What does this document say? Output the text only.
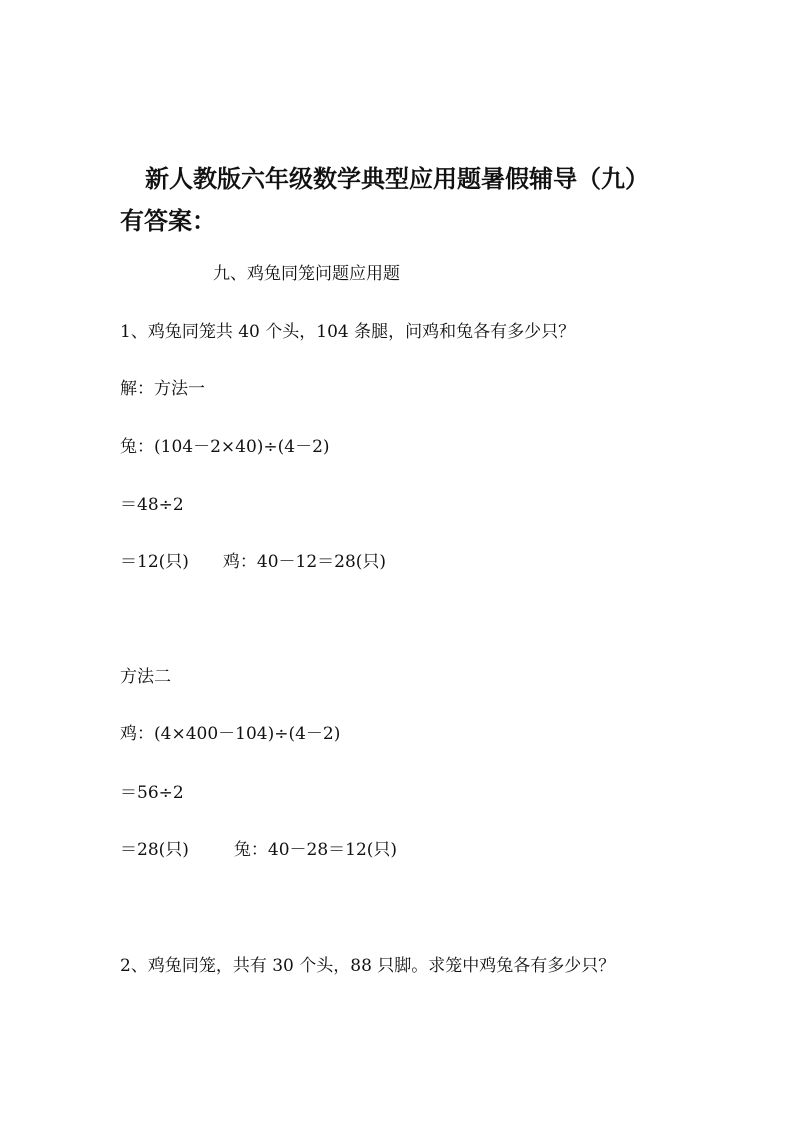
新人教版六年级数学典型应用题暑假辅导（九）
有答案：
九、鸡兔同笼问题应用题
1、鸡兔同笼共 40 个头，104 条腿，问鸡和兔各有多少只？
解：方法一
兔：(104－2×40)÷(4－2)
＝48÷2
＝12(只) 鸡：40－12＝28(只)
方法二
鸡：(4×400－104)÷(4－2)
＝56÷2
＝28(只)	兔：40－28＝12(只)
2、鸡兔同笼，共有 30 个头，88 只脚。求笼中鸡兔各有多少只？
